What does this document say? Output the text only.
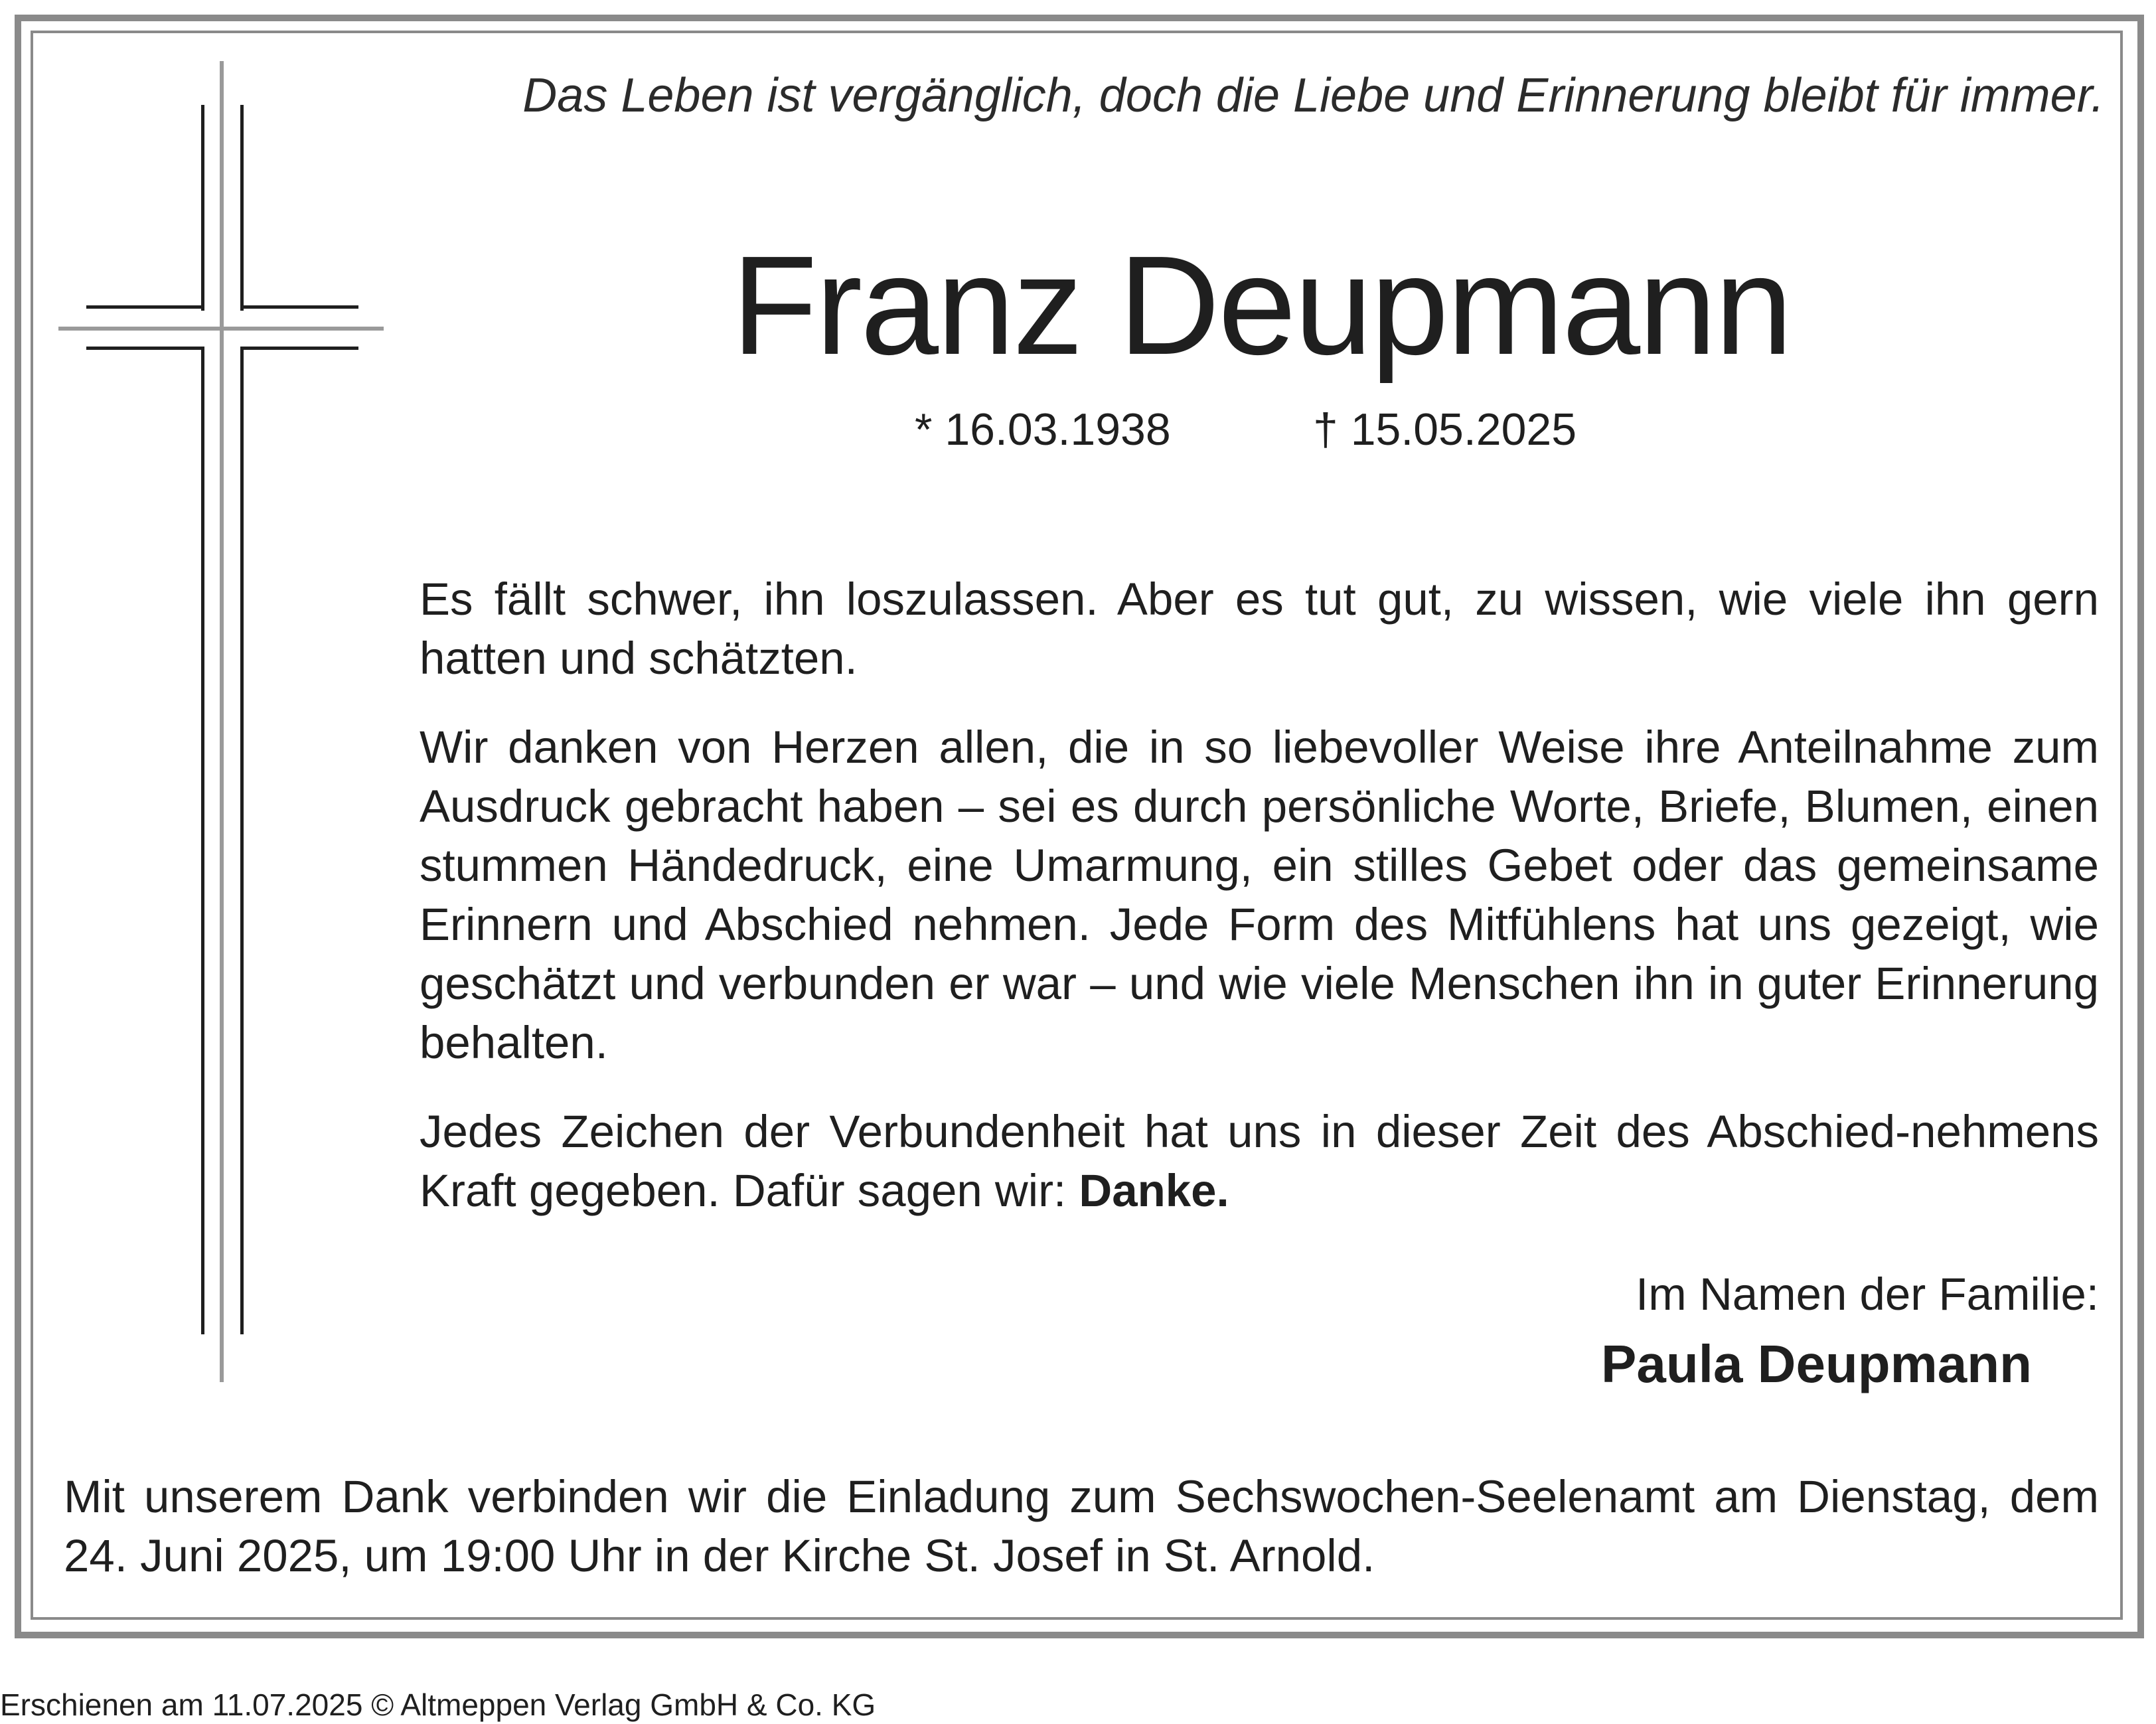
Das Leben ist vergänglich, doch die Liebe und Erinnerung bleibt für immer.
Franz Deupmann
* 16.03.1938	† 15.05.2025
Es fällt schwer, ihn loszulassen. Aber es tut gut, zu wissen, wie viele ihn gern hatten und schätzten.
Wir danken von Herzen allen, die in so liebevoller Weise ihre Anteilnahme zum Ausdruck gebracht haben – sei es durch persönliche Worte, Briefe, Blumen, einen stummen Händedruck, eine Umarmung, ein stilles Gebet oder das gemeinsame Erinnern und Abschied nehmen. Jede Form des Mitfühlens hat uns gezeigt, wie geschätzt und verbunden er war – und wie viele Menschen ihn in guter Erinnerung behalten.
Jedes Zeichen der Verbundenheit hat uns in dieser Zeit des Abschied-nehmens Kraft gegeben. Dafür sagen wir: Danke.
Im Namen der Familie:
Paula Deupmann
Mit unserem Dank verbinden wir die Einladung zum Sechswochen-Seelenamt am Dienstag, dem 24. Juni 2025, um 19:00 Uhr in der Kirche St. Josef in St. Arnold.
Erschienen am 11.07.2025 © Altmeppen Verlag GmbH & Co. KG
